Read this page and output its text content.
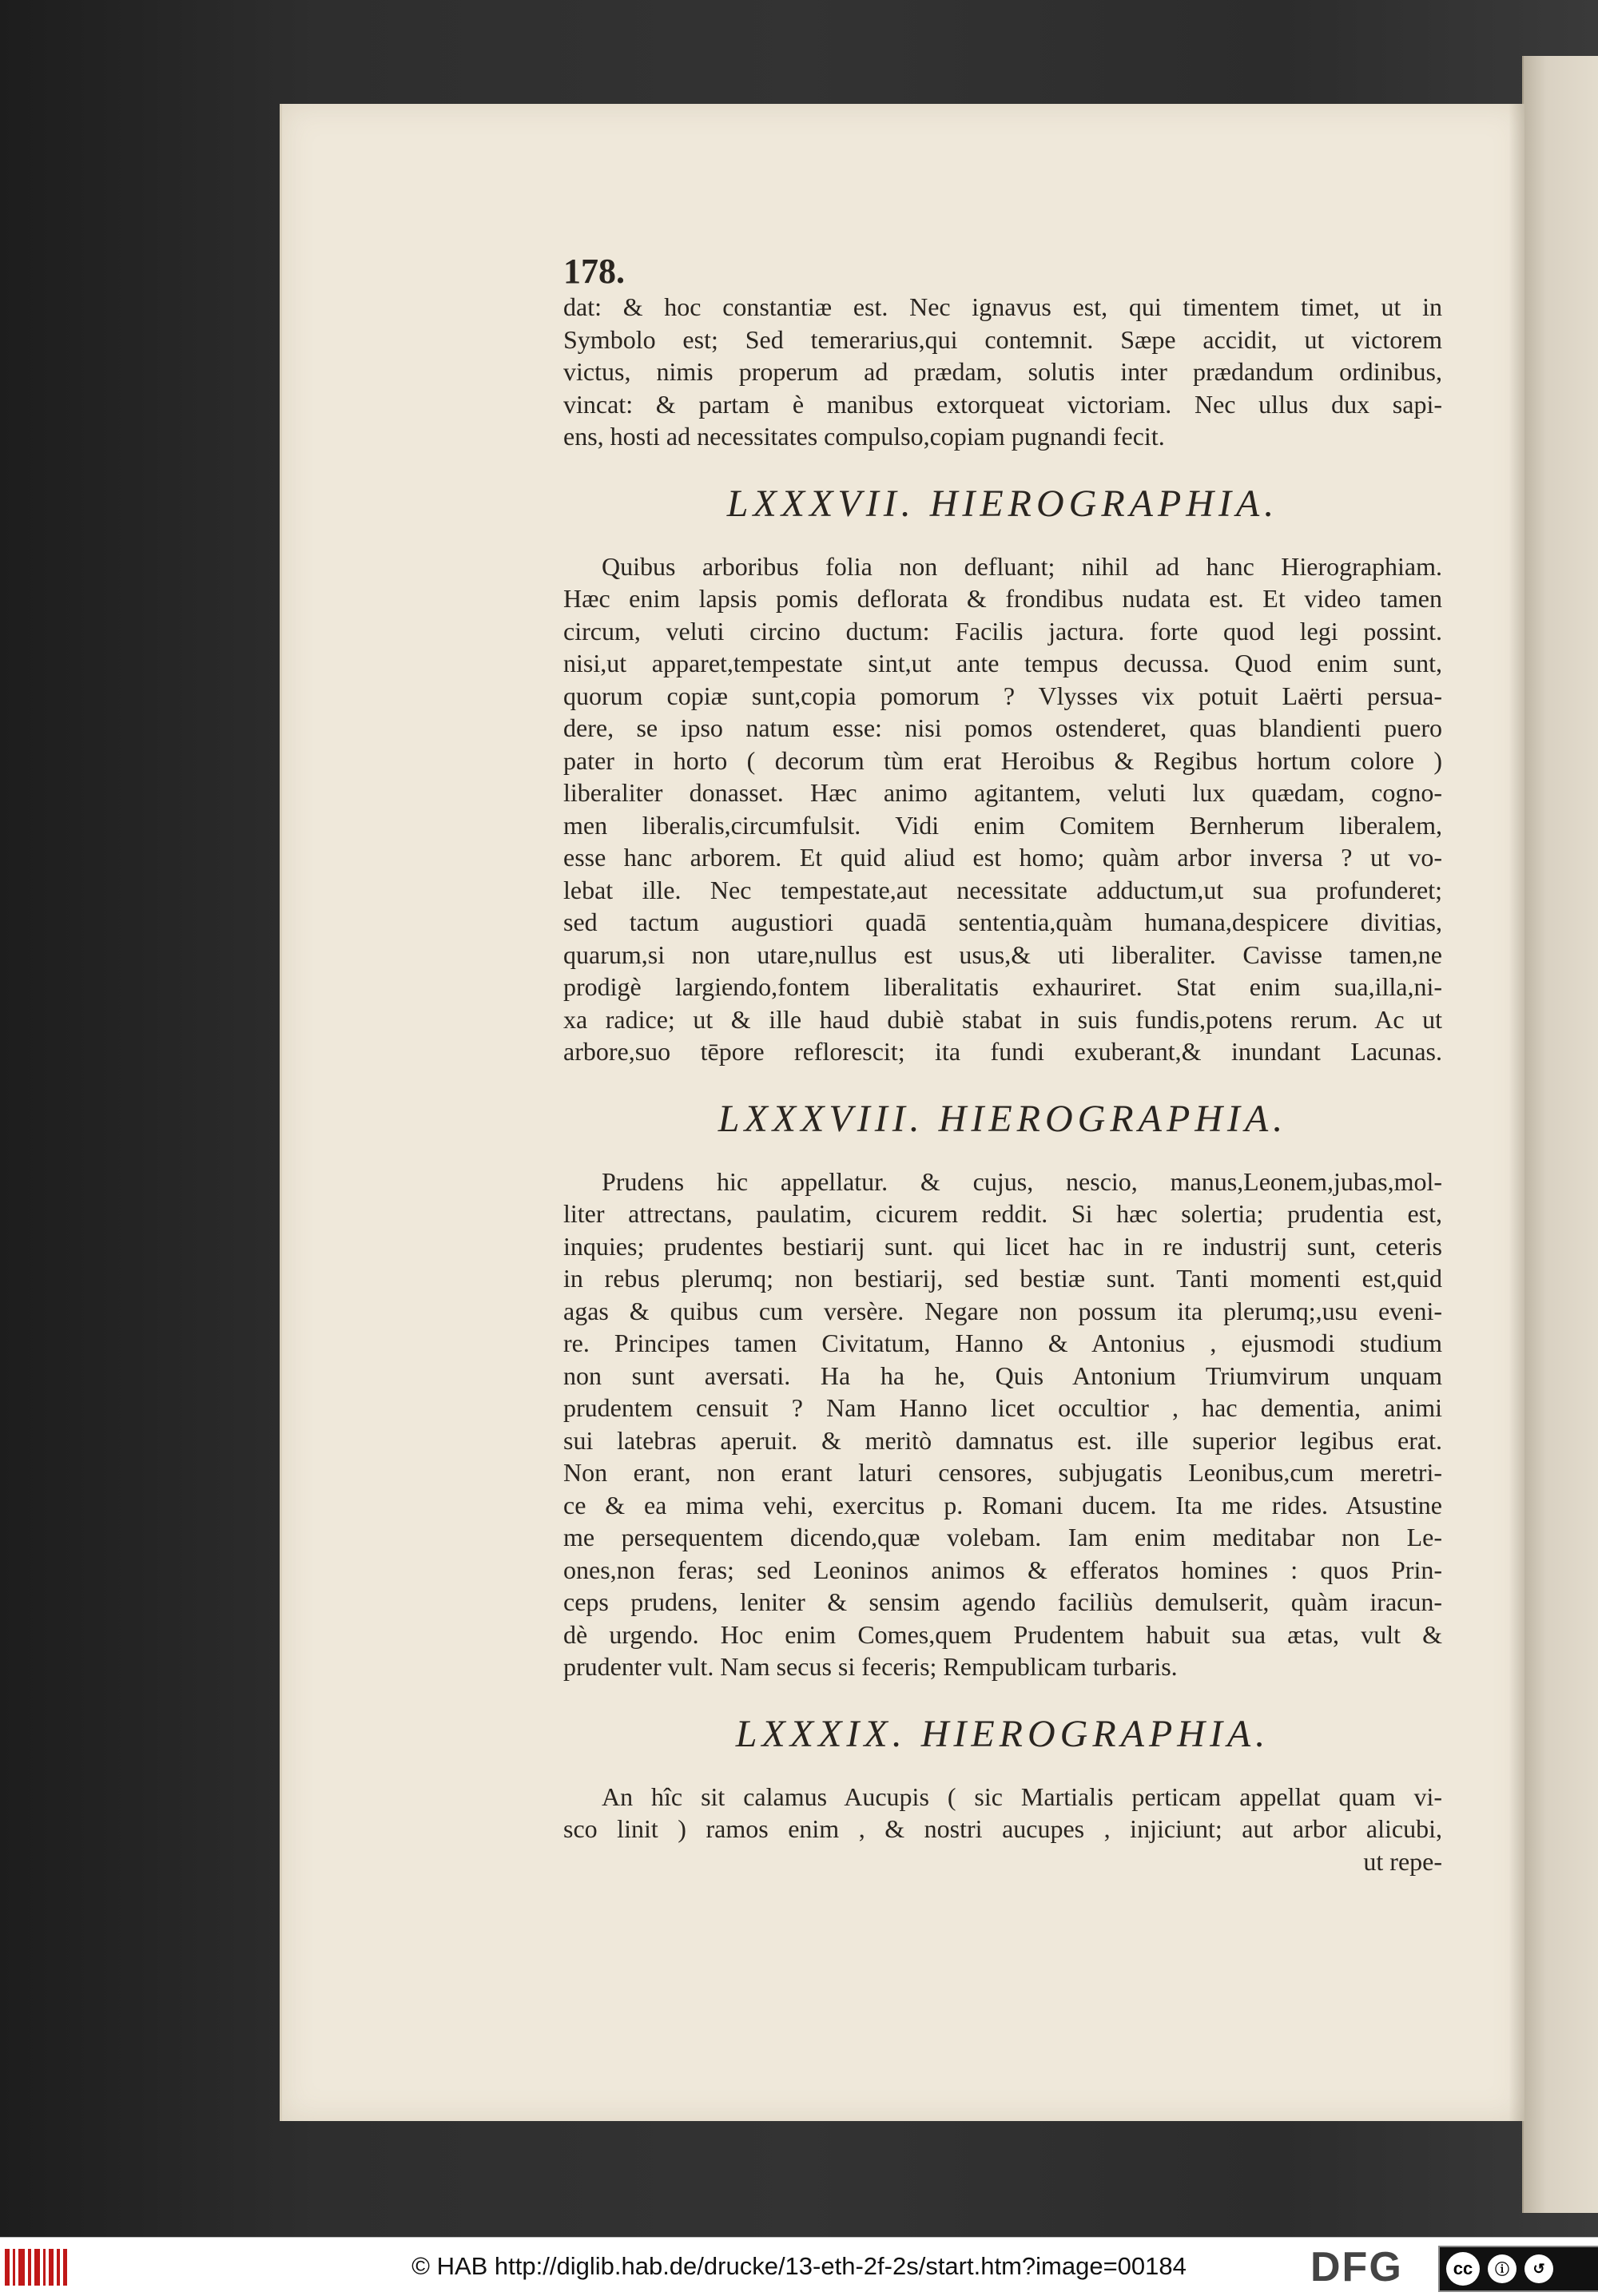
178.
dat: & hoc constantiæ est. Nec ignavus est, qui timentem timet, ut in
Symbolo est; Sed temerarius,qui contemnit. Sæpe accidit, ut victorem
victus, nimis properum ad prædam, solutis inter prædandum ordinibus,
vincat: & partam è manibus extorqueat victoriam. Nec ullus dux sapi-
ens, hosti ad necessitates compulso,copiam pugnandi fecit.
LXXXVII. HIEROGRAPHIA.
Quibus arboribus folia non defluant; nihil ad hanc Hierographiam.
Hæc enim lapsis pomis deflorata & frondibus nudata est. Et video tamen
circum, veluti circino ductum: Facilis jactura. forte quod legi possint.
nisi,ut apparet,tempestate sint,ut ante tempus decussa. Quod enim sunt,
quorum copiæ sunt,copia pomorum ? Vlysses vix potuit Laërti persua-
dere, se ipso natum esse: nisi pomos ostenderet, quas blandienti puero
pater in horto ( decorum tùm erat Heroibus & Regibus hortum colore )
liberaliter donasset. Hæc animo agitantem, veluti lux quædam, cogno-
men liberalis,circumfulsit. Vidi enim Comitem Bernherum liberalem,
esse hanc arborem. Et quid aliud est homo; quàm arbor inversa ? ut vo-
lebat ille. Nec tempestate,aut necessitate adductum,ut sua profunderet;
sed tactum augustiori quadā sententia,quàm humana,despicere divitias,
quarum,si non utare,nullus est usus,& uti liberaliter. Cavisse tamen,ne
prodigè largiendo,fontem liberalitatis exhauriret. Stat enim sua,illa,ni-
xa radice; ut & ille haud dubiè stabat in suis fundis,potens rerum. Ac ut
arbore,suo tēpore reflorescit; ita fundi exuberant,& inundant Lacunas.
LXXXVIII. HIEROGRAPHIA.
Prudens hic appellatur. & cujus, nescio, manus,Leonem,jubas,mol-
liter attrectans, paulatim, cicurem reddit. Si hæc solertia; prudentia est,
inquies; prudentes bestiarij sunt. qui licet hac in re industrij sunt, ceteris
in rebus plerumq; non bestiarij, sed bestiæ sunt. Tanti momenti est,quid
agas & quibus cum versère. Negare non possum ita plerumq;,usu eveni-
re. Principes tamen Civitatum, Hanno & Antonius , ejusmodi studium
non sunt aversati. Ha ha he, Quis Antonium Triumvirum unquam
prudentem censuit ? Nam Hanno licet occultior , hac dementia, animi
sui latebras aperuit. & meritò damnatus est. ille superior legibus erat.
Non erant, non erant laturi censores, subjugatis Leonibus,cum meretri-
ce & ea mima vehi, exercitus p. Romani ducem. Ita me rides. Atsustine
me persequentem dicendo,quæ volebam. Iam enim meditabar non Le-
ones,non feras; sed Leoninos animos & efferatos homines : quos Prin-
ceps prudens, leniter & sensim agendo faciliùs demulserit, quàm iracun-
dè urgendo. Hoc enim Comes,quem Prudentem habuit sua ætas, vult &
prudenter vult. Nam secus si feceris; Rempublicam turbaris.
LXXXIX. HIEROGRAPHIA.
An hîc sit calamus Aucupis ( sic Martialis perticam appellat quam vi-
sco linit ) ramos enim , & nostri aucupes , injiciunt; aut arbor alicubi,
ut repe-
© HAB http://diglib.hab.de/drucke/13-eth-2f-2s/start.htm?image=00184	DFG	cc	ⓘ	↺
